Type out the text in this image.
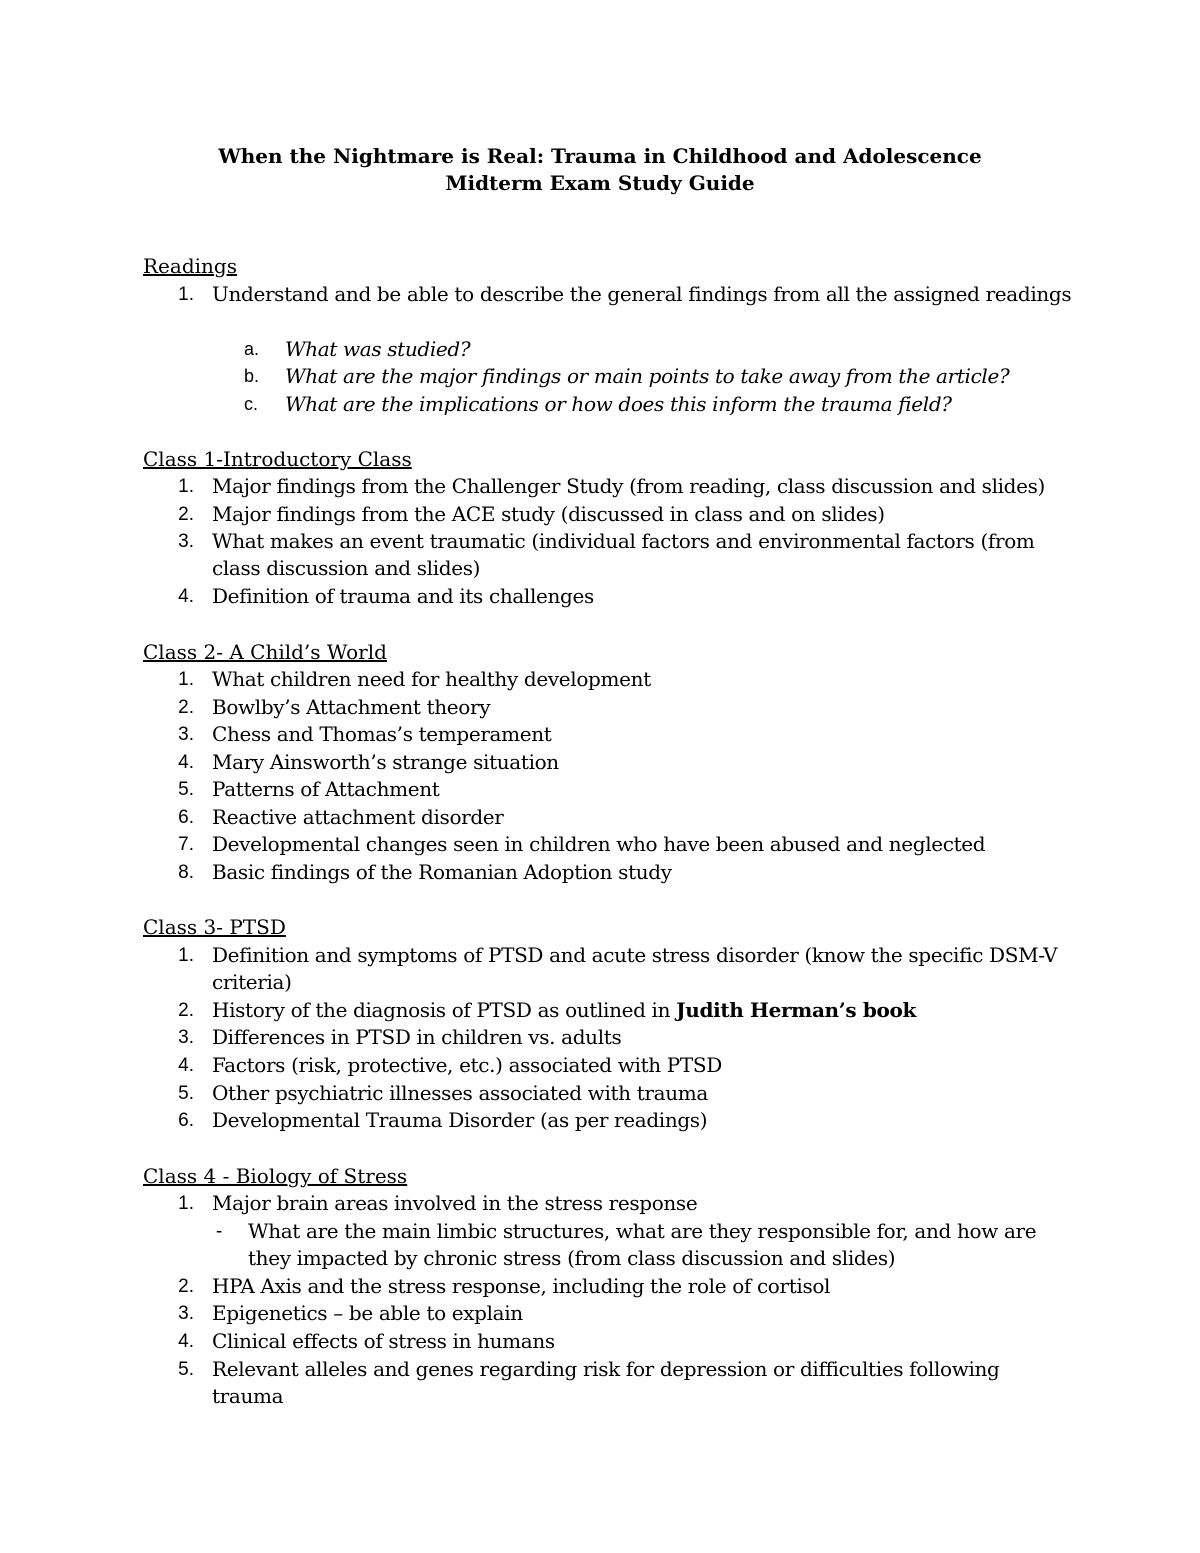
When the Nightmare is Real: Trauma in Childhood and Adolescence
Midterm Exam Study Guide
Readings
1. Understand and be able to describe the general findings from all the assigned readings
a. What was studied?
b. What are the major findings or main points to take away from the article?
c. What are the implications or how does this inform the trauma field?
Class 1-Introductory Class
1. Major findings from the Challenger Study (from reading, class discussion and slides)
2. Major findings from the ACE study (discussed in class and on slides)
3. What makes an event traumatic (individual factors and environmental factors (from class discussion and slides)
4. Definition of trauma and its challenges
Class 2- A Child’s World
1. What children need for healthy development
2. Bowlby’s Attachment theory
3. Chess and Thomas’s temperament
4. Mary Ainsworth’s strange situation
5. Patterns of Attachment
6. Reactive attachment disorder
7. Developmental changes seen in children who have been abused and neglected
8. Basic findings of the Romanian Adoption study
Class 3- PTSD
1. Definition and symptoms of PTSD and acute stress disorder (know the specific DSM-V criteria)
2. History of the diagnosis of PTSD as outlined in Judith Herman’s book
3. Differences in PTSD in children vs. adults
4. Factors (risk, protective, etc.) associated with PTSD
5. Other psychiatric illnesses associated with trauma
6. Developmental Trauma Disorder (as per readings)
Class 4 - Biology of Stress
1. Major brain areas involved in the stress response
-	What are the main limbic structures, what are they responsible for, and how are they impacted by chronic stress (from class discussion and slides)
2. HPA Axis and the stress response, including the role of cortisol
3. Epigenetics – be able to explain
4. Clinical effects of stress in humans
5. Relevant alleles and genes regarding risk for depression or difficulties following trauma
